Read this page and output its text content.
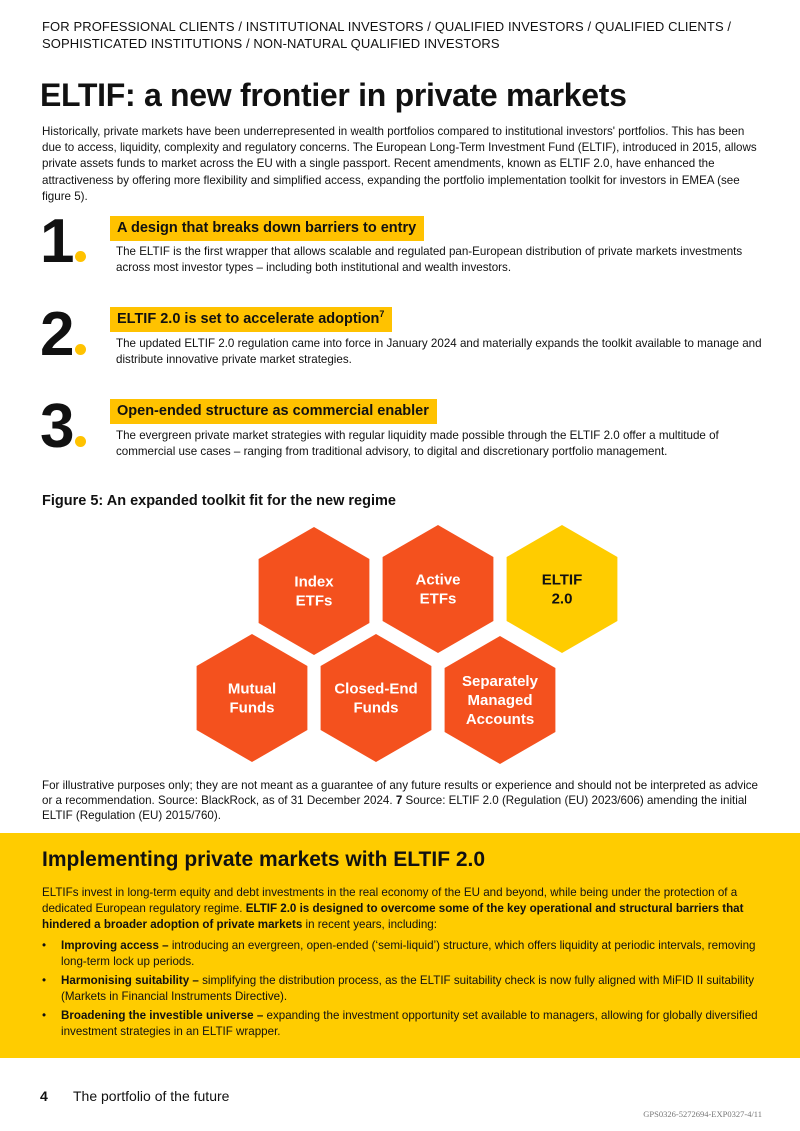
FOR PROFESSIONAL CLIENTS / INSTITUTIONAL INVESTORS / QUALIFIED INVESTORS / QUALIFIED CLIENTS /
SOPHISTICATED INSTITUTIONS / NON-NATURAL QUALIFIED INVESTORS
ELTIF: a new frontier in private markets

Historically, private markets have been underrepresented in wealth portfolios compared to institutional investors' portfolios. This has been due to access, liquidity, complexity and regulatory concerns. The European Long-Term Investment Fund (ELTIF), introduced in 2015, allows private assets funds to market across the EU with a single passport. Recent amendments, known as ELTIF 2.0, have enhanced the attractiveness by offering more flexibility and simplified access, expanding the portfolio implementation toolkit for investors in EMEA (see figure 5).

1	A design that breaks down barriers to entry

The ELTIF is the first wrapper that allows scalable and regulated pan-European distribution of private markets investments across most investor types – including both institutional and wealth investors.

2	ELTIF 2.0 is set to accelerate adoption$^7$

The updated ELTIF 2.0 regulation came into force in January 2024 and materially expands the toolkit available to manage and distribute innovative private market strategies.

3	Open-ended structure as commercial enabler

The evergreen private market strategies with regular liquidity made possible through the ELTIF 2.0 offer a multitude of commercial use cases – ranging from traditional advisory, to digital and discretionary portfolio management.

Figure 5: An expanded toolkit fit for the new regime
Index
ETFs
Active
ETFs
ELTIF
2.0
Mutual
Funds
Closed-End
Funds
Separately
Managed
Accounts

For illustrative purposes only; they are not meant as a guarantee of any future results or experience and should not be interpreted as advice or a recommendation. Source: BlackRock, as of 31 December 2024. 7 Source: ELTIF 2.0 (Regulation (EU) 2023/606) amending the initial ELTIF (Regulation (EU) 2015/760).

Implementing private markets with ELTIF 2.0

ELTIFs invest in long-term equity and debt investments in the real economy of the EU and beyond, while being under the protection of a dedicated European regulatory regime. ELTIF 2.0 is designed to overcome some of the key operational and structural barriers that hindered a broader adoption of private markets in recent years, including:

• Improving access – introducing an evergreen, open-ended (‘semi-liquid’) structure, which offers liquidity at periodic intervals, removing long-term lock up periods.
• Harmonising suitability – simplifying the distribution process, as the ELTIF suitability check is now fully aligned with MiFID II suitability (Markets in Financial Instruments Directive).
• Broadening the investible universe – expanding the investment opportunity set available to managers, allowing for globally diversified investment strategies in an ELTIF wrapper.
4 The portfolio of the future
GPS0326-5272694-EXP0327-4/11
